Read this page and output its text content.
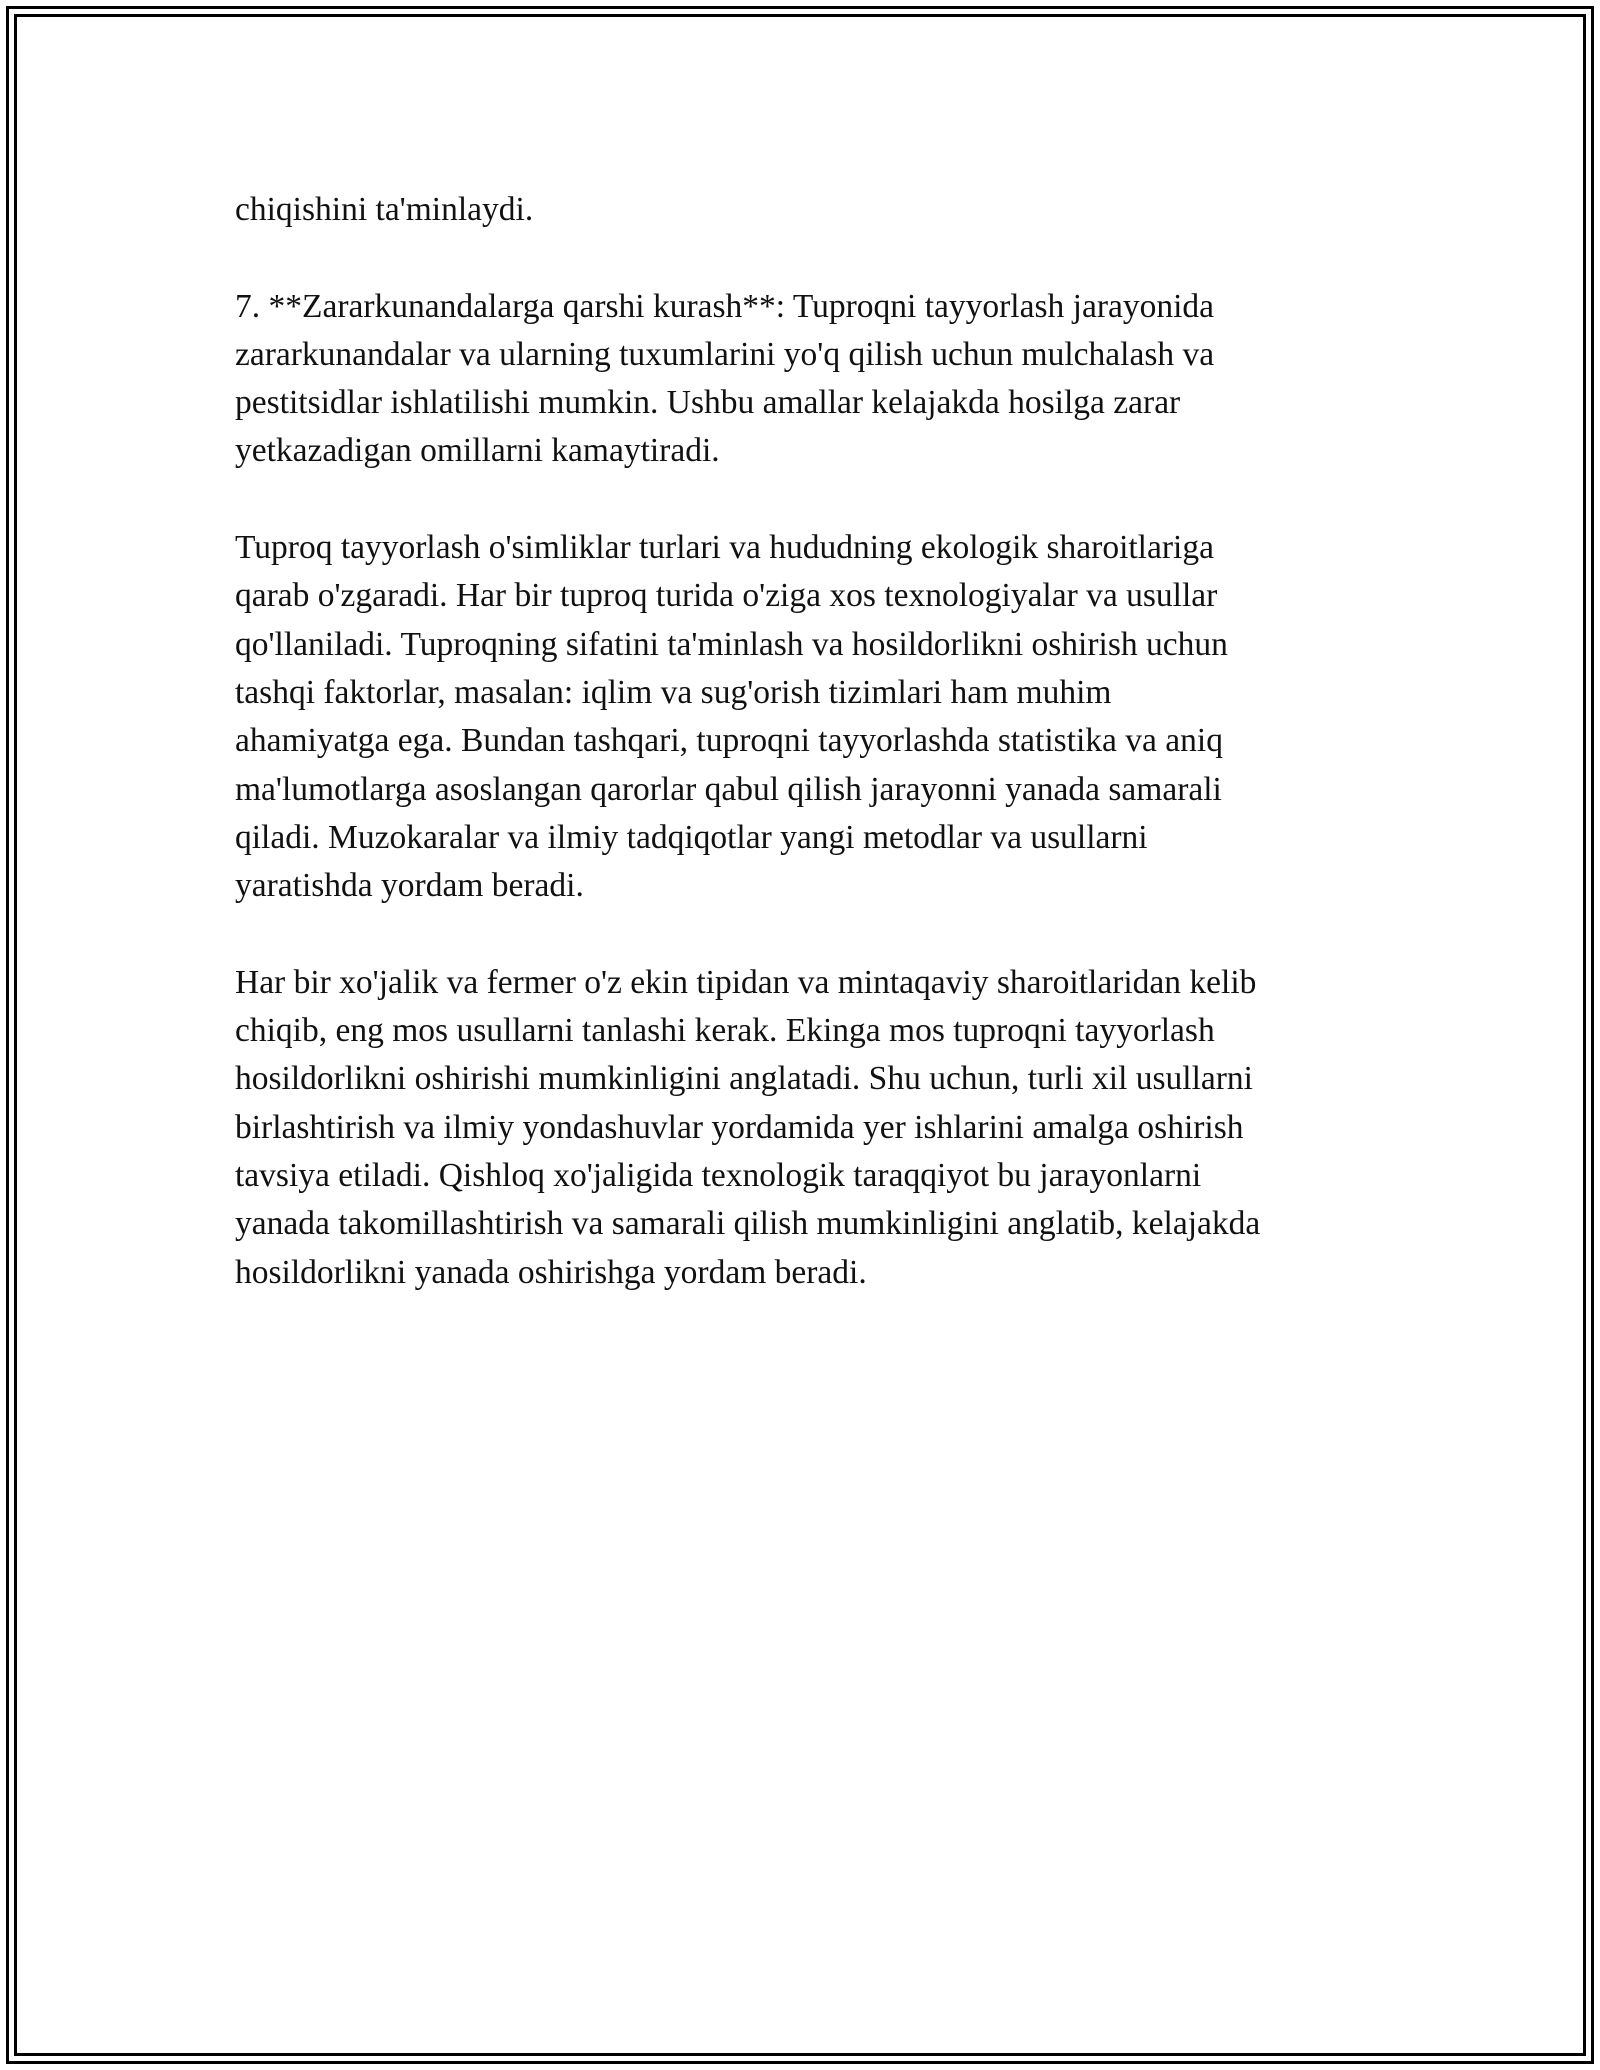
chiqishini ta'minlaydi.

7. **Zararkunandalarga qarshi kurash**: Tuproqni tayyorlash jarayonida
zararkunandalar va ularning tuxumlarini yo'q qilish uchun mulchalash va
pestitsidlar ishlatilishi mumkin. Ushbu amallar kelajakda hosilga zarar
yetkazadigan omillarni kamaytiradi.

Tuproq tayyorlash o'simliklar turlari va hududning ekologik sharoitlariga
qarab o'zgaradi. Har bir tuproq turida o'ziga xos texnologiyalar va usullar
qo'llaniladi. Tuproqning sifatini ta'minlash va hosildorlikni oshirish uchun
tashqi faktorlar, masalan: iqlim va sug'orish tizimlari ham muhim
ahamiyatga ega. Bundan tashqari, tuproqni tayyorlashda statistika va aniq
ma'lumotlarga asoslangan qarorlar qabul qilish jarayonni yanada samarali
qiladi. Muzokaralar va ilmiy tadqiqotlar yangi metodlar va usullarni
yaratishda yordam beradi.

Har bir xo'jalik va fermer o'z ekin tipidan va mintaqaviy sharoitlaridan kelib
chiqib, eng mos usullarni tanlashi kerak. Ekinga mos tuproqni tayyorlash
hosildorlikni oshirishi mumkinligini anglatadi. Shu uchun, turli xil usullarni
birlashtirish va ilmiy yondashuvlar yordamida yer ishlarini amalga oshirish
tavsiya etiladi. Qishloq xo'jaligida texnologik taraqqiyot bu jarayonlarni
yanada takomillashtirish va samarali qilish mumkinligini anglatib, kelajakda
hosildorlikni yanada oshirishga yordam beradi.
